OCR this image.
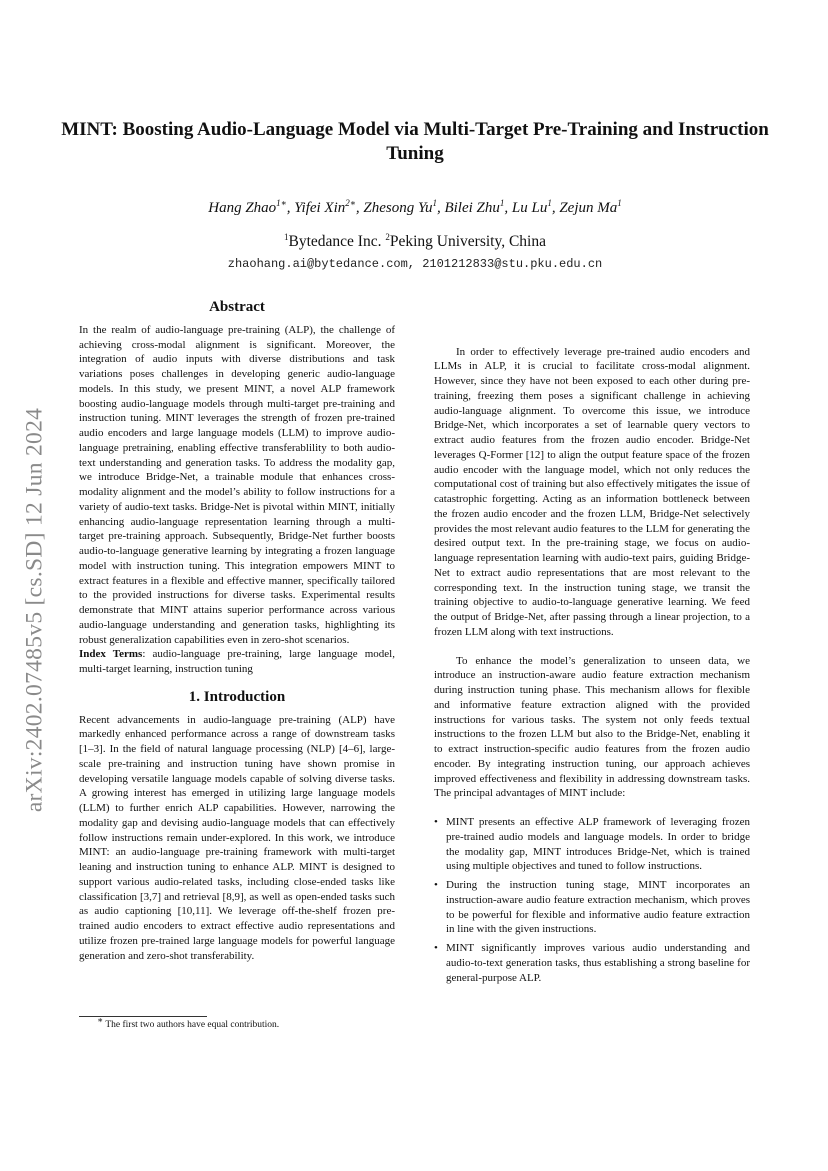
arXiv:2402.07485v5 [cs.SD] 12 Jun 2024
MINT: Boosting Audio-Language Model via Multi-Target Pre-Training and Instruction Tuning
Hang Zhao$^{1∗}$, Yifei Xin$^{2∗}$, Zhesong Yu$^1$, Bilei Zhu$^1$, Lu Lu$^1$, Zejun Ma$^1$
$^1$Bytedance Inc. $^2$Peking University, China
zhaohang.ai@bytedance.com, 2101212833@stu.pku.edu.cn
Abstract

In the realm of audio-language pre-training (ALP), the challenge of achieving cross-modal alignment is significant. Moreover, the integration of audio inputs with diverse distributions and task variations poses challenges in developing generic audio-language models. In this study, we present MINT, a novel ALP framework boosting audio-language models through multi-target pre-training and instruction tuning. MINT leverages the strength of frozen pre-trained audio encoders and large language models (LLM) to improve audio-language pretraining, enabling effective transferablility to both audio-text understanding and generation tasks. To address the modality gap, we introduce Bridge-Net, a trainable module that enhances cross-modality alignment and the model’s ability to follow instructions for a variety of audio-text tasks. Bridge-Net is pivotal within MINT, initially enhancing audio-language representation learning through a multi-target pre-training approach. Subsequently, Bridge-Net further boosts audio-to-language generative learning by integrating a frozen language model with instruction tuning. This integration empowers MINT to extract features in a flexible and effective manner, specifically tailored to the provided instructions for diverse tasks. Experimental results demonstrate that MINT attains superior performance across various audio-language understanding and generation tasks, highlighting its robust generalization capabilities even in zero-shot scenarios.

Index Terms: audio-language pre-training, large language model, multi-target learning, instruction tuning

1. Introduction

Recent advancements in audio-language pre-training (ALP) have markedly enhanced performance across a range of downstream tasks [1–3]. In the field of natural language processing (NLP) [4–6], large-scale pre-training and instruction tuning have shown promise in developing versatile language models capable of solving diverse tasks. A growing interest has emerged in utilizing large language models (LLM) to further enrich ALP capabilities. However, narrowing the modality gap and devising audio-language models that can effectively follow instructions remain under-explored. In this work, we introduce MINT: an audio-language pre-training framework with multi-target leaning and instruction tuning to enhance ALP. MINT is designed to support various audio-related tasks, including close-ended tasks like classification [3,7] and retrieval [8,9], as well as open-ended tasks such as audio captioning [10,11]. We leverage off-the-shelf frozen pre-trained audio encoders to extract effective audio representations and utilize frozen pre-trained large language models for powerful language generation and zero-shot transferability.

In order to effectively leverage pre-trained audio encoders and LLMs in ALP, it is crucial to facilitate cross-modal alignment. However, since they have not been exposed to each other during pre-training, freezing them poses a significant challenge in achieving audio-language alignment. To overcome this issue, we introduce Bridge-Net, which incorporates a set of learnable query vectors to extract audio features from the frozen audio encoder. Bridge-Net leverages Q-Former [12] to align the output feature space of the frozen audio encoder with the language model, which not only reduces the computational cost of training but also effectively mitigates the issue of catastrophic forgetting. Acting as an information bottleneck between the frozen audio encoder and the frozen LLM, Bridge-Net selectively provides the most relevant audio features to the LLM for generating the desired output text. In the pre-training stage, we focus on audio-language representation learning with audio-text pairs, guiding Bridge-Net to extract audio representations that are most relevant to the corresponding text. In the instruction tuning stage, we transit the training objective to audio-to-language generative learning. We feed the output of Bridge-Net, after passing through a linear projection, to a frozen LLM along with text instructions.

To enhance the model’s generalization to unseen data, we introduce an instruction-aware audio feature extraction mechanism during instruction tuning phase. This mechanism allows for flexible and informative feature extraction aligned with the provided instructions for various tasks. The system not only feeds textual instructions to the frozen LLM but also to the Bridge-Net, enabling it to extract instruction-specific audio features from the frozen audio encoder. By integrating instruction tuning, our approach achieves improved effectiveness and flexibility in addressing downstream tasks. The principal advantages of MINT include:

• MINT presents an effective ALP framework of leveraging frozen pre-trained audio models and language models. In order to bridge the modality gap, MINT introduces Bridge-Net, which is trained using multiple objectives and tuned to follow instructions.
• During the instruction tuning stage, MINT incorporates an instruction-aware audio feature extraction mechanism, which proves to be powerful for flexible and informative audio feature extraction in line with the given instructions.
• MINT significantly improves various audio understanding and audio-to-text generation tasks, thus establishing a strong baseline for general-purpose ALP.
∗ The first two authors have equal contribution.
